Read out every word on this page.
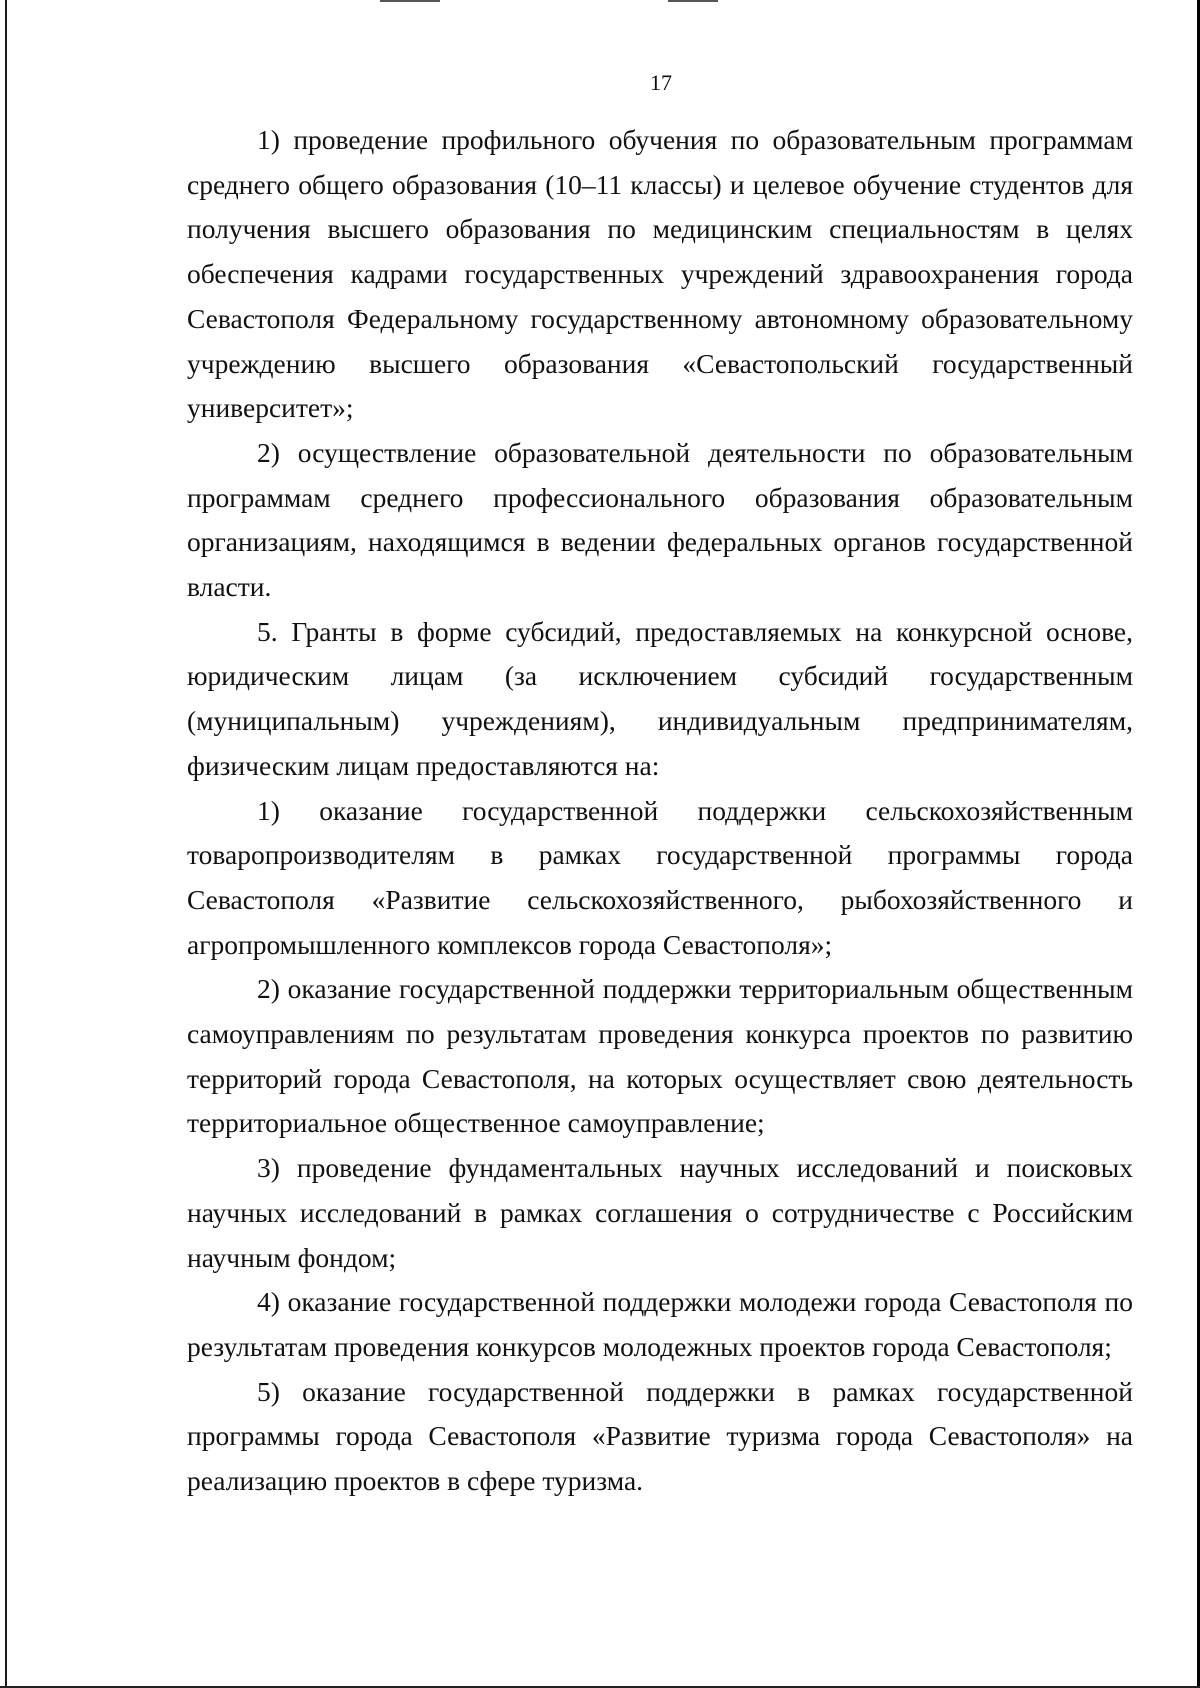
17

1) проведение профильного обучения по образовательным программам среднего общего образования (10–11 классы) и целевое обучение студентов для получения высшего образования по медицинским специальностям в целях обеспечения кадрами государственных учреждений здравоохранения города Севастополя Федеральному государственному автономному образовательному учреждению высшего образования «Севастопольский государственный университет»;

2) осуществление образовательной деятельности по образовательным программам среднего профессионального образования образовательным организациям, находящимся в ведении федеральных органов государственной власти.

5. Гранты в форме субсидий, предоставляемых на конкурсной основе, юридическим лицам (за исключением субсидий государственным (муниципальным) учреждениям), индивидуальным предпринимателям, физическим лицам предоставляются на:

1) оказание государственной поддержки сельскохозяйственным товаропроизводителям в рамках государственной программы города Севастополя «Развитие сельскохозяйственного, рыбохозяйственного и агропромышленного комплексов города Севастополя»;

2) оказание государственной поддержки территориальным общественным самоуправлениям по результатам проведения конкурса проектов по развитию территорий города Севастополя, на которых осуществляет свою деятельность территориальное общественное самоуправление;

3) проведение фундаментальных научных исследований и поисковых научных исследований в рамках соглашения о сотрудничестве с Российским научным фондом;

4) оказание государственной поддержки молодежи города Севастополя по результатам проведения конкурсов молодежных проектов города Севастополя;

5) оказание государственной поддержки в рамках государственной программы города Севастополя «Развитие туризма города Севастополя» на реализацию проектов в сфере туризма.
